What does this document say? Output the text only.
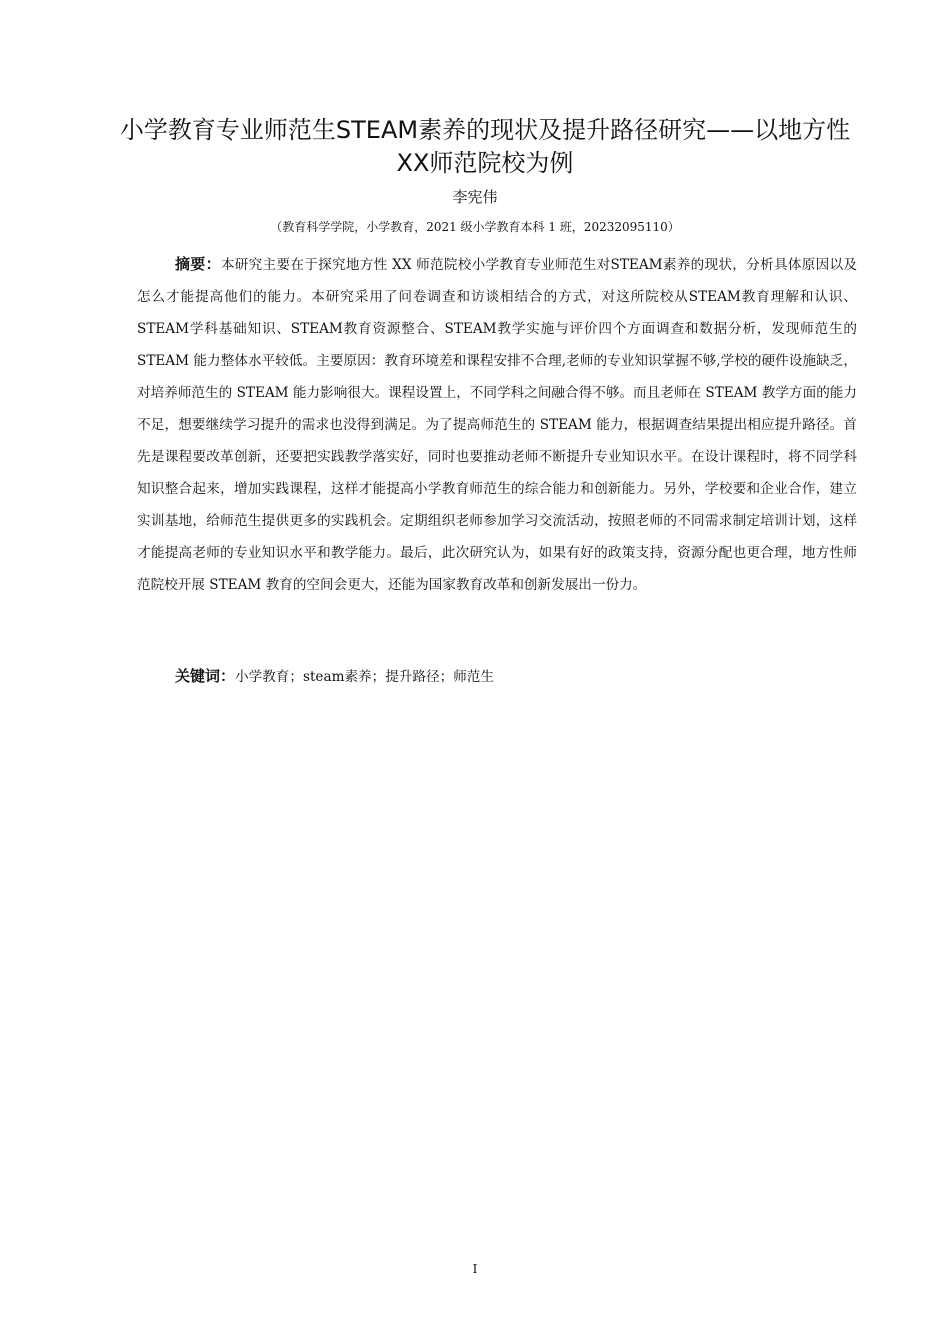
小学教育专业师范生STEAM素养的现状及提升路径研究——以地方性XX师范院校为例
李宪伟
（教育科学学院，小学教育，2021 级小学教育本科 1 班，20232095110）

摘要：本研究主要在于探究地方性 XX 师范院校小学教育专业师范生对STEAM素养的现状，分析具体原因以及怎么才能提高他们的能力。本研究采用了问卷调查和访谈相结合的方式，对这所院校从STEAM教育理解和认识、STEAM学科基础知识、STEAM教育资源整合、STEAM教学实施与评价四个方面调查和数据分析，发现师范生的 STEAM 能力整体水平较低。主要原因：教育环境差和课程安排不合理,老师的专业知识掌握不够,学校的硬件设施缺乏，对培养师范生的 STEAM 能力影响很大。课程设置上，不同学科之间融合得不够。而且老师在 STEAM 教学方面的能力不足，想要继续学习提升的需求也没得到满足。为了提高师范生的 STEAM 能力，根据调查结果提出相应提升路径。首先是课程要改革创新，还要把实践教学落实好，同时也要推动老师不断提升专业知识水平。在设计课程时，将不同学科知识整合起来，增加实践课程，这样才能提高小学教育师范生的综合能力和创新能力。另外，学校要和企业合作，建立实训基地，给师范生提供更多的实践机会。定期组织老师参加学习交流活动，按照老师的不同需求制定培训计划，这样才能提高老师的专业知识水平和教学能力。最后，此次研究认为，如果有好的政策支持，资源分配也更合理，地方性师范院校开展 STEAM 教育的空间会更大，还能为国家教育改革和创新发展出一份力。

关键词：小学教育；steam素养；提升路径；师范生

I
